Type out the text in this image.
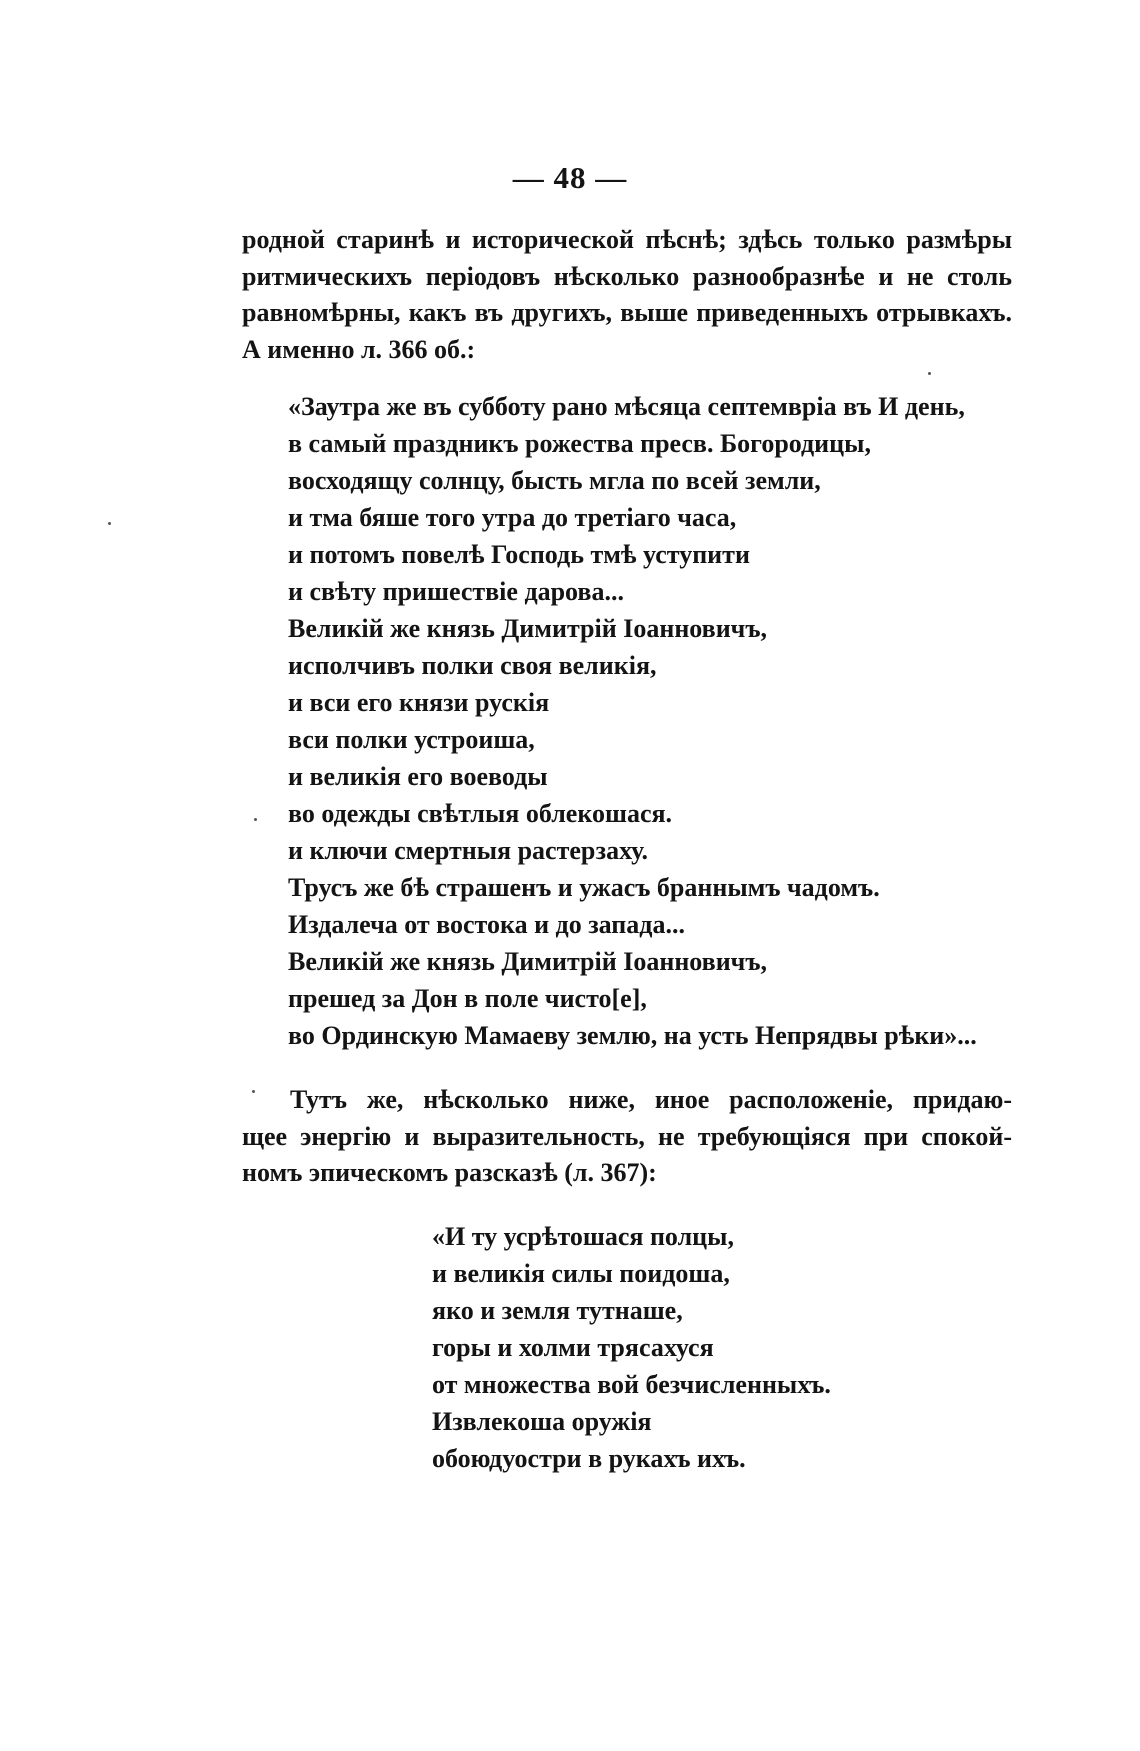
— 48 —
родной старинѣ и исторической пѣснѣ; здѣсь только размѣры
ритмическихъ періодовъ нѣсколько разнообразнѣе и не столь
равномѣрны, какъ въ другихъ, выше приведенныхъ отрывкахъ.
А именно л. 366 об.:
«Заутра же въ субботу рано мѣсяца септемвріа въ И день,
в самый праздникъ рожества пресв. Богородицы,
восходящу солнцу, бысть мгла по всей земли,
и тма бяше того утра до третіаго часа,
и потомъ повелѣ Господь тмѣ уступити
и свѣту пришествіе дарова...
Великій же князь Димитрій Іоанновичъ,
исполчивъ полки своя великія,
и вси его князи рускія
вси полки устроиша,
и великія его воеводы
во одежды свѣтлыя облекошася.
и ключи смертныя растерзаху.
Трусъ же бѣ страшенъ и ужасъ браннымъ чадомъ.
Издалеча от востока и до запада...
Великій же князь Димитрій Іоанновичъ,
прешед за Дон в поле чисто[е],
во Ординскую Мамаеву землю, на усть Непрядвы рѣки»...
Тутъ же, нѣсколько ниже, иное расположеніе, придаю-
щее энергію и выразительность, не требующіяся при спокой-
номъ эпическомъ разсказѣ (л. 367):
«И ту усрѣтошася полцы,
и великія силы поидоша,
яко и земля тутнаше,
горы и холми трясахуся
от множества вой безчисленныхъ.
Извлекоша оружія
обоюдуостри в рукахъ ихъ.
